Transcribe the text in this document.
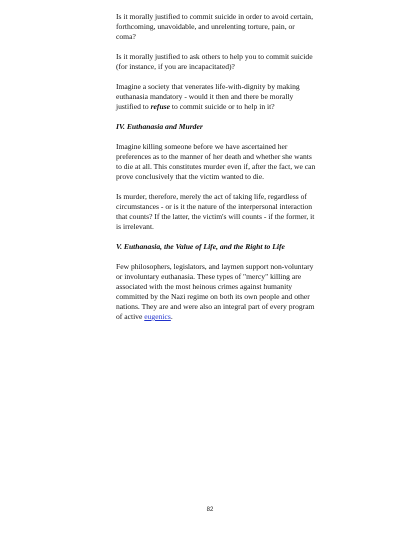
Is it morally justified to commit suicide in order to avoid certain, forthcoming, unavoidable, and unrelenting torture, pain, or coma?

Is it morally justified to ask others to help you to commit suicide (for instance, if you are incapacitated)?

Imagine a society that venerates life-with-dignity by making euthanasia mandatory - would it then and there be morally justified to refuse to commit suicide or to help in it?

IV. Euthanasia and Murder

Imagine killing someone before we have ascertained her preferences as to the manner of her death and whether she wants to die at all. This constitutes murder even if, after the fact, we can prove conclusively that the victim wanted to die.

Is murder, therefore, merely the act of taking life, regardless of circumstances - or is it the nature of the interpersonal interaction that counts? If the latter, the victim's will counts - if the former, it is irrelevant.

V. Euthanasia, the Value of Life, and the Right to Life

Few philosophers, legislators, and laymen support non-voluntary or involuntary euthanasia. These types of "mercy" killing are associated with the most heinous crimes against humanity committed by the Nazi regime on both its own people and other nations. They are and were also an integral part of every program of active eugenics.

82
